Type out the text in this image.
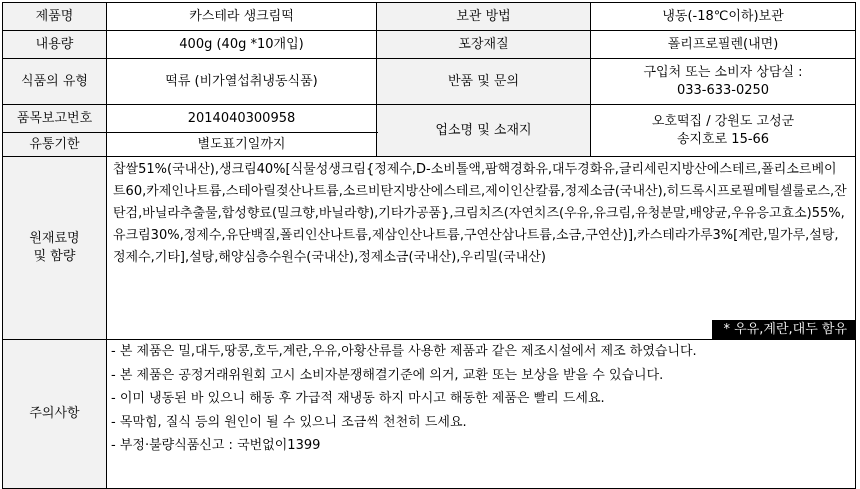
제품명	카스테라 생크림떡	보관 방법	냉동(-18℃이하)보관
내용량	400g (40g *10개입)	포장재질	폴리프로필렌(내면)
식품의 유형	떡류 (비가열섭취냉동식품)	반품 및 문의	구입처 또는 소비자 상담실 :
033-633-0250

품목보고번호	2014040300958	업소명 및 소재지	오호떡집 / 강원도 고성군
송지호로 15-66

유통기한	별도표기일까지		

원재료명
및 함량	찹쌀51%(국내산),생크림40%[식물성생크림{정제수,D-소비톨액,팜핵경화유,대두경화유,글리세린지방산에스테르,폴리소르베이트60,카제인나트륨,스테아릴젖산나트륨,소르비탄지방산에스테르,제이인산칼륨,정제소금(국내산),히드록시프로필메틸셀룰로스,잔탄검,바닐라추출물,합성향료(밀크향,바닐라향),기타가공품},크림치즈(자연치즈(우유,유크림,유청분말,배양균,우유응고효소)55%,유크림30%,정제수,유단백질,폴리인산나트륨,제삼인산나트륨,구연산삼나트륨,소금,구연산)],카스테라가루3%[계란,밀가루,설탕,정제수,기타],설탕,해양심층수원수(국내산),정제소금(국내산),우리밀(국내산)
* 우유,계란,대두 함유		

주의사항	- 본 제품은 밀,대두,땅콩,호두,계란,우유,아황산류를 사용한 제품과 같은 제조시설에서 제조 하였습니다.
- 본 제품은 공정거래위원회 고시 소비자분쟁해결기준에 의거, 교환 또는 보상을 받을 수 있습니다.
- 이미 냉동된 바 있으니 해동 후 가급적 재냉동 하지 마시고 해동한 제품은 빨리 드세요.
- 목막힘, 질식 등의 원인이 될 수 있으니 조금씩 천천히 드세요.
- 부정·불량식품신고 : 국번없이1399		
